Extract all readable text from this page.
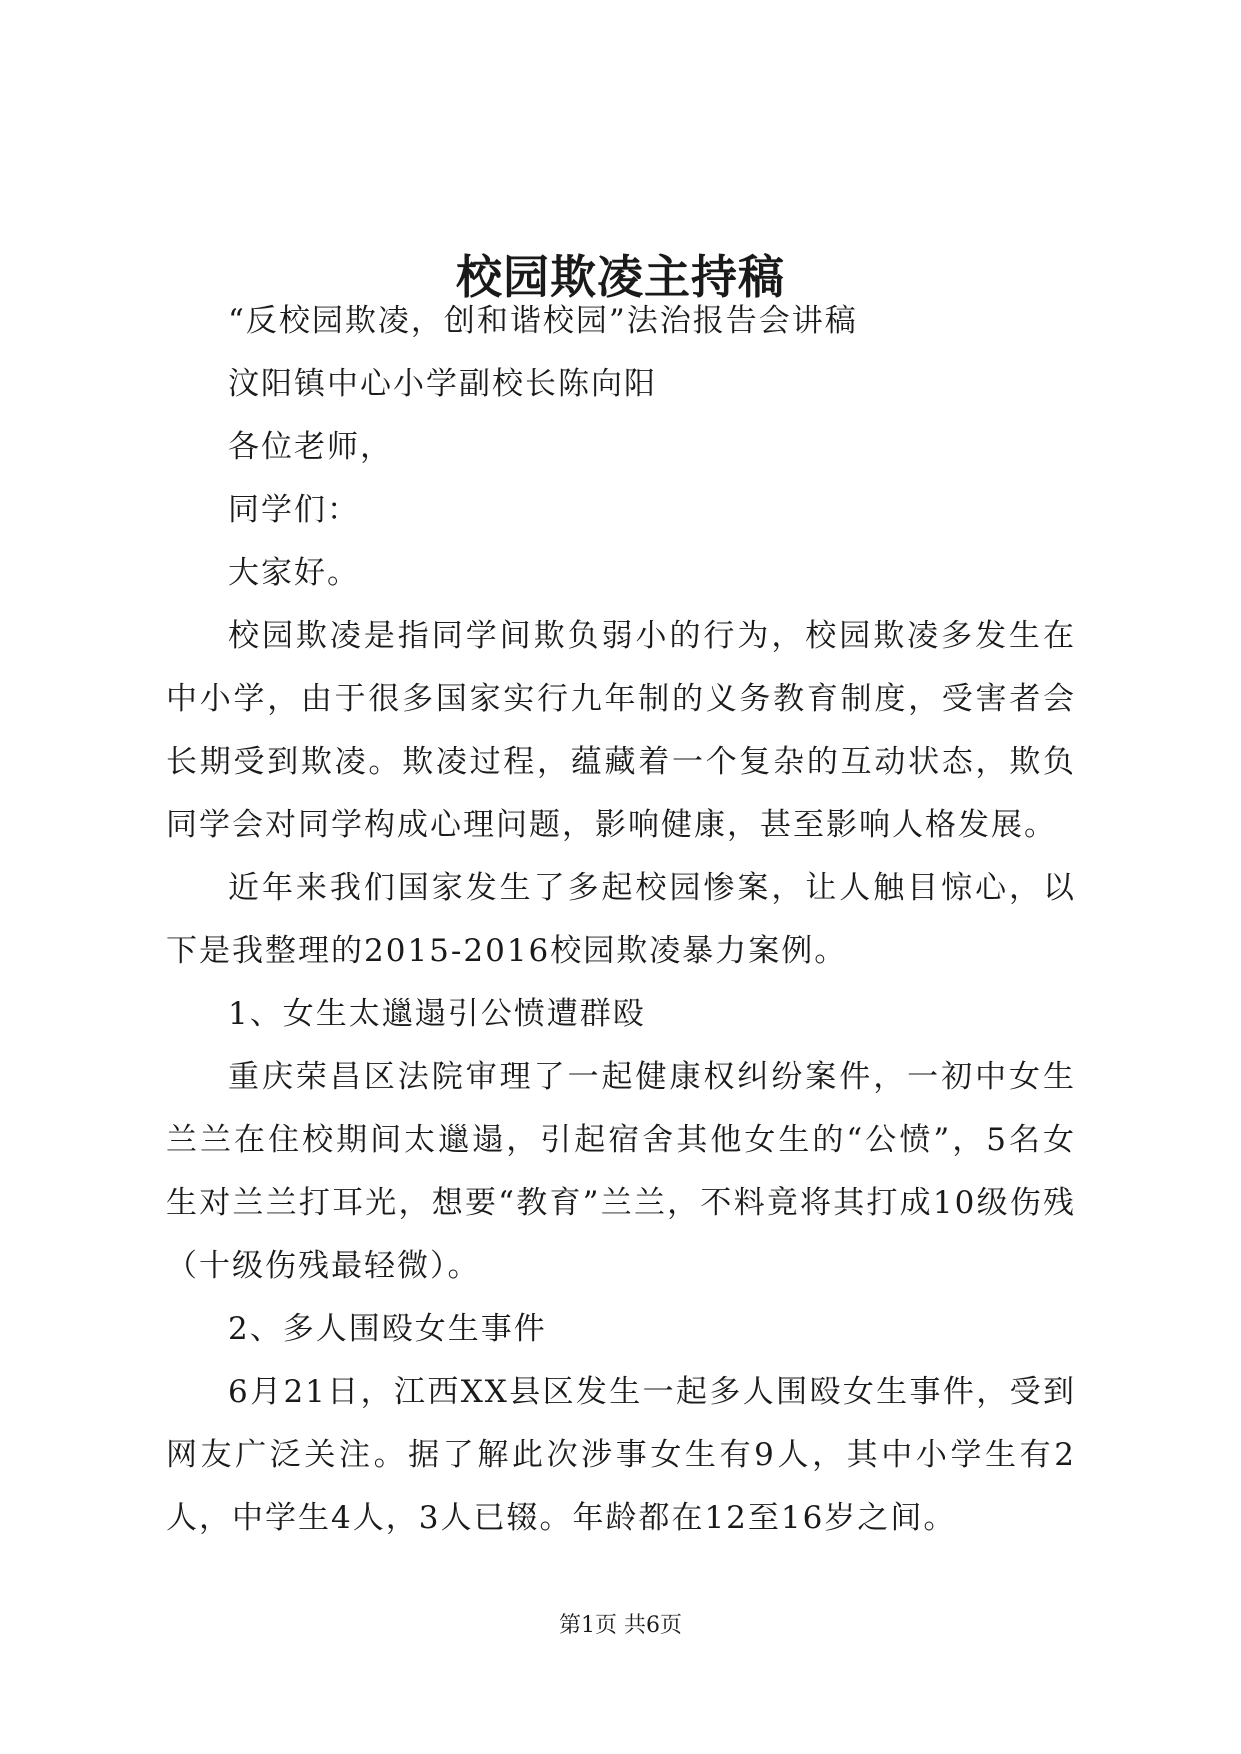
校园欺凌主持稿

“反校园欺凌，创和谐校园”法治报告会讲稿

汶阳镇中心小学副校长陈向阳

各位老师，

同学们：

大家好。

校园欺凌是指同学间欺负弱小的行为，校园欺凌多发生在中小学，由于很多国家实行九年制的义务教育制度，受害者会长期受到欺凌。欺凌过程，蕴藏着一个复杂的互动状态，欺负同学会对同学构成心理问题，影响健康，甚至影响人格发展。

近年来我们国家发生了多起校园惨案，让人触目惊心，以下是我整理的2015-2016校园欺凌暴力案例。

1、女生太邋遢引公愤遭群殴

重庆荣昌区法院审理了一起健康权纠纷案件，一初中女生兰兰在住校期间太邋遢，引起宿舍其他女生的“公愤”，5名女生对兰兰打耳光，想要“教育”兰兰，不料竟将其打成10级伤残（十级伤残最轻微）。

2、多人围殴女生事件

6月21日，江西XX县区发生一起多人围殴女生事件，受到网友广泛关注。据了解此次涉事女生有9人，其中小学生有2人，中学生4人，3人已辍。年龄都在12至16岁之间。

第1页 共6页
